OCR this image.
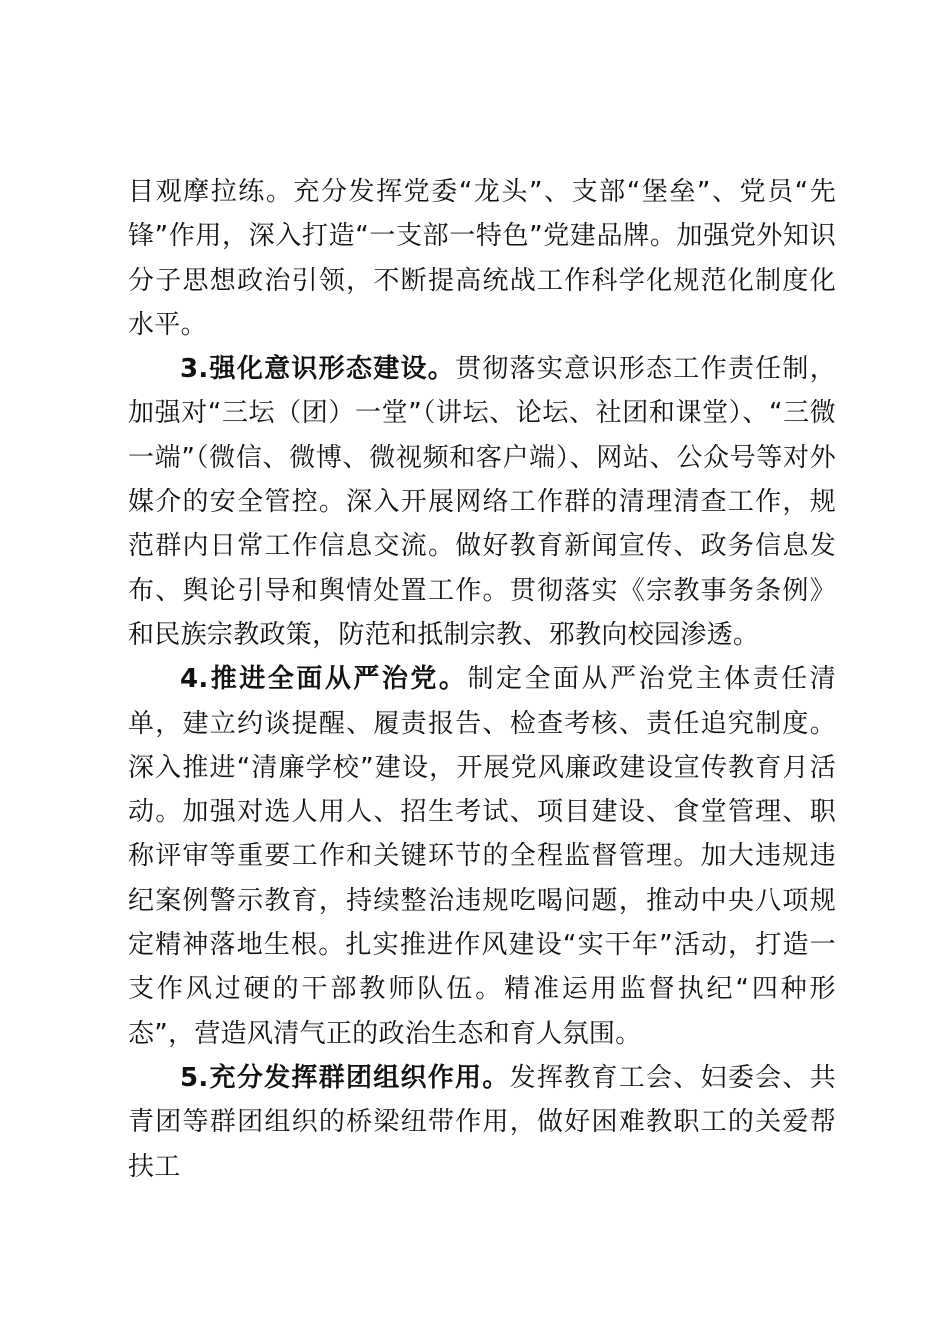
目观摩拉练。充分发挥党委“龙头”、支部“堡垒”、党员“先锋”作用，深入打造“一支部一特色”党建品牌。加强党外知识分子思想政治引领，不断提高统战工作科学化规范化制度化水平。

3.强化意识形态建设。贯彻落实意识形态工作责任制，加强对“三坛（团）一堂”（讲坛、论坛、社团和课堂）、“三微一端”（微信、微博、微视频和客户端）、网站、公众号等对外媒介的安全管控。深入开展网络工作群的清理清查工作，规范群内日常工作信息交流。做好教育新闻宣传、政务信息发布、舆论引导和舆情处置工作。贯彻落实《宗教事务条例》和民族宗教政策，防范和抵制宗教、邪教向校园渗透。

4.推进全面从严治党。制定全面从严治党主体责任清单，建立约谈提醒、履责报告、检查考核、责任追究制度。深入推进“清廉学校”建设，开展党风廉政建设宣传教育月活动。加强对选人用人、招生考试、项目建设、食堂管理、职称评审等重要工作和关键环节的全程监督管理。加大违规违纪案例警示教育，持续整治违规吃喝问题，推动中央八项规定精神落地生根。扎实推进作风建设“实干年”活动，打造一支作风过硬的干部教师队伍。精准运用监督执纪“四种形态”，营造风清气正的政治生态和育人氛围。

5.充分发挥群团组织作用。发挥教育工会、妇委会、共青团等群团组织的桥梁纽带作用，做好困难教职工的关爱帮扶工
